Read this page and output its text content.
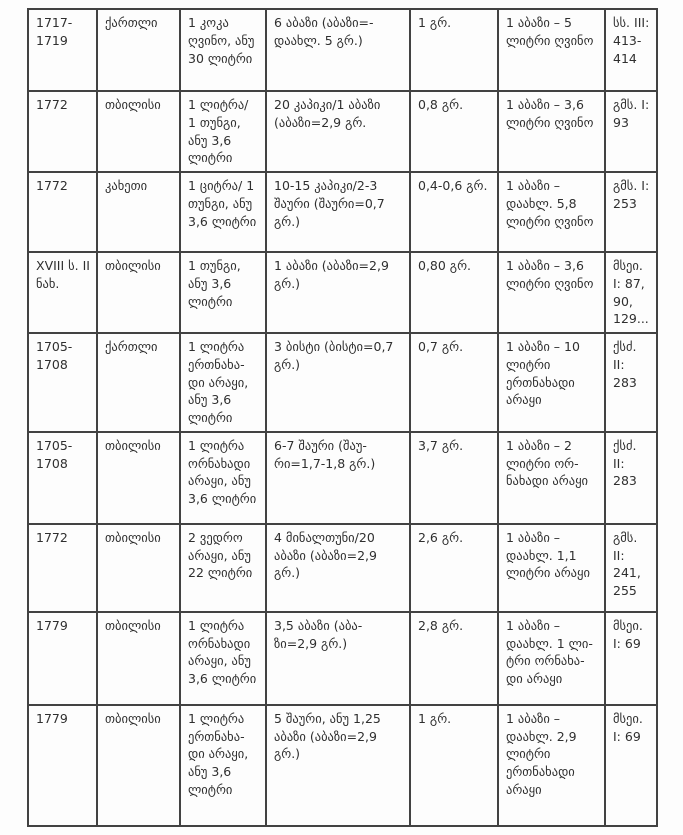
1717- 1719	ქართლი	1 კოკა ღვინო, ანუ 30 ლიტრი	6 აბაზი (აბაზი=- დაახლ. 5 გრ.)	1 გრ.	1 აბაზი – 5 ლიტრი ღვინო	სს. III: 413- 414
1772	თბილისი	1 ლიტრა/ 1 თუნგი, ანუ 3,6 ლიტრი	20 კაპიკი/1 აბაზი (აბაზი=2,9 გრ.	0,8 გრ.	1 აბაზი – 3,6 ლიტრი ღვინო	გმს. I: 93
1772	კახეთი	1 ციტრა/ 1 თუნგი, ანუ 3,6 ლიტრი	10-15 კაპიკი/2-3 შაური (შაური=0,7 გრ.)	0,4-0,6 გრ.	1 აბაზი – დაახლ. 5,8 ლიტრი ღვინო	გმს. I: 253
XVIII ს. II ნახ.	თბილისი	1 თუნგი, ანუ 3,6 ლიტრი	1 აბაზი (აბაზი=2,9 გრ.)	0,80 გრ.	1 აბაზი – 3,6 ლიტრი ღვინო	მსეი. I: 87, 90, 129...
1705- 1708	ქართლი	1 ლიტრა ერთნახა- დი არაყი, ანუ 3,6 ლიტრი	3 ბისტი (ბისტი=0,7 გრ.)	0,7 გრ.	1 აბაზი – 10 ლიტრი ერთნახადი არაყი	ქსძ. II: 283
1705- 1708	თბილისი	1 ლიტრა ორნახადი არაყი, ანუ 3,6 ლიტრი	6-7 შაური (შაუ- რი=1,7-1,8 გრ.)	3,7 გრ.	1 აბაზი – 2 ლიტრი ორ- ნახადი არაყი	ქსძ. II: 283
1772	თბილისი	2 ვედრო არაყი, ანუ 22 ლიტრი	4 მინალთუნი/20 აბაზი (აბაზი=2,9 გრ.)	2,6 გრ.	1 აბაზი – დაახლ. 1,1 ლიტრი არაყი	გმს. II: 241, 255
1779	თბილისი	1 ლიტრა ორნახადი არაყი, ანუ 3,6 ლიტრი	3,5 აბაზი (აბა- ზი=2,9 გრ.)	2,8 გრ.	1 აბაზი – დაახლ. 1 ლი- ტრი ორნახა- დი არაყი	მსეი. I: 69
1779	თბილისი	1 ლიტრა ერთნახა- დი არაყი, ანუ 3,6 ლიტრი	5 შაური, ანუ 1,25 აბაზი (აბაზი=2,9 გრ.)	1 გრ.	1 აბაზი – დაახლ. 2,9 ლიტრი ერთნახადი არაყი	მსეი. I: 69
